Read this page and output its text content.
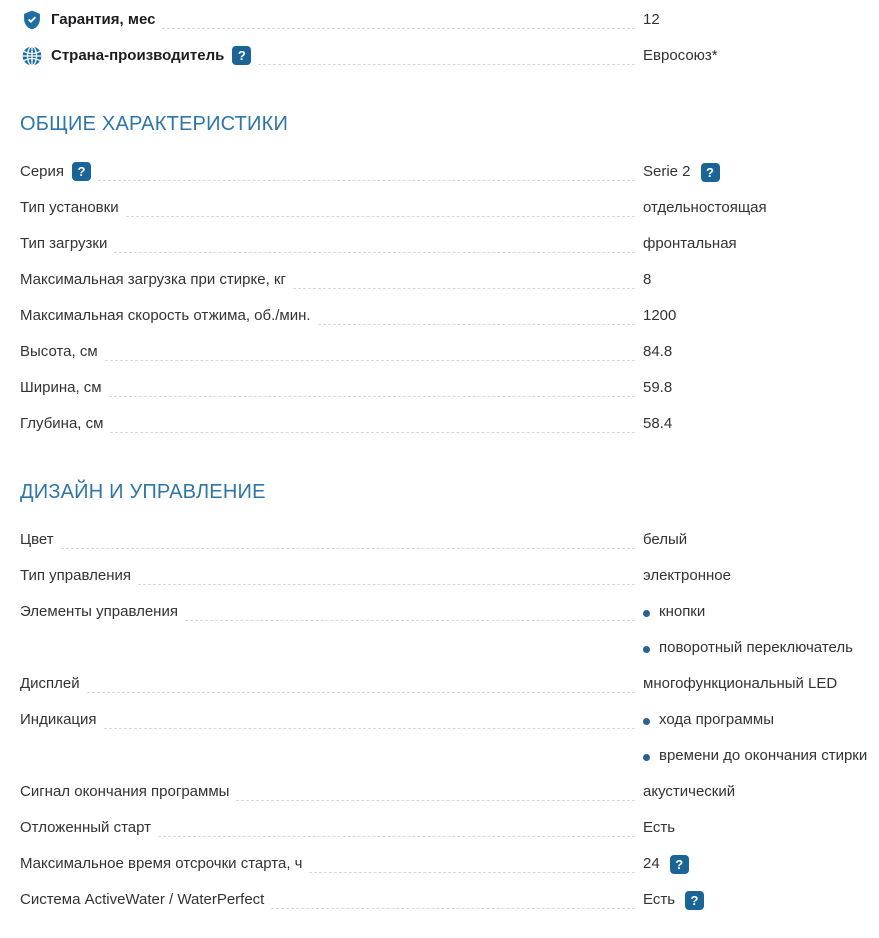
Гарантия, мес	12
Страна-производитель	?	Евросоюз*
ОБЩИЕ ХАРАКТЕРИСТИКИ
Серия	?	Serie 2	?
Тип установки	отдельностоящая
Тип загрузки	фронтальная
Максимальная загрузка при стирке, кг	8
Максимальная скорость отжима, об./мин.	1200
Высота, см	84.8
Ширина, см	59.8
Глубина, см	58.4
ДИЗАЙН И УПРАВЛЕНИЕ
Цвет	белый
Тип управления	электронное
Элементы управления	кнопки
поворотный переключатель
Дисплей	многофункциональный LED
Индикация	хода программы
времени до окончания стирки
Сигнал окончания программы	акустический
Отложенный старт	Есть
Максимальное время отсрочки старта, ч	24	?
Система ActiveWater / WaterPerfect	Есть	?
